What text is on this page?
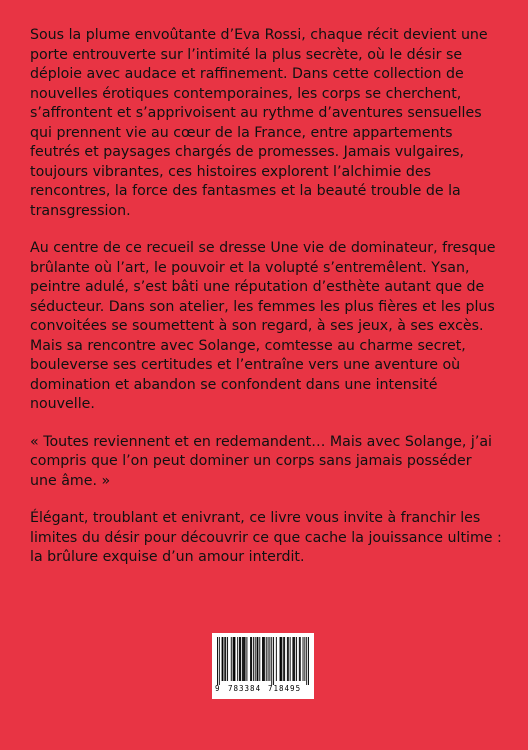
Sous la plume envoûtante d’Eva Rossi, chaque récit devient une porte entrouverte sur l’intimité la plus secrète, où le désir se déploie avec audace et raffinement. Dans cette collection de nouvelles érotiques contemporaines, les corps se cherchent, s’affrontent et s’apprivoisent au rythme d’aventures sensuelles qui prennent vie au cœur de la France, entre appartements feutrés et paysages chargés de promesses. Jamais vulgaires, toujours vibrantes, ces histoires explorent l’alchimie des rencontres, la force des fantasmes et la beauté trouble de la transgression.

Au centre de ce recueil se dresse Une vie de dominateur, fresque brûlante où l’art, le pouvoir et la volupté s’entremêlent. Ysan, peintre adulé, s’est bâti une réputation d’esthète autant que de séducteur. Dans son atelier, les femmes les plus fières et les plus convoitées se soumettent à son regard, à ses jeux, à ses excès. Mais sa rencontre avec Solange, comtesse au charme secret, bouleverse ses certitudes et l’entraîne vers une aventure où domination et abandon se confondent dans une intensité nouvelle.

« Toutes reviennent et en redemandent… Mais avec Solange, j’ai compris que l’on peut dominer un corps sans jamais posséder une âme. »

Élégant, troublant et enivrant, ce livre vous invite à franchir les limites du désir pour découvrir ce que cache la jouissance ultime : la brûlure exquise d’un amour interdit.

9 783384 718495
